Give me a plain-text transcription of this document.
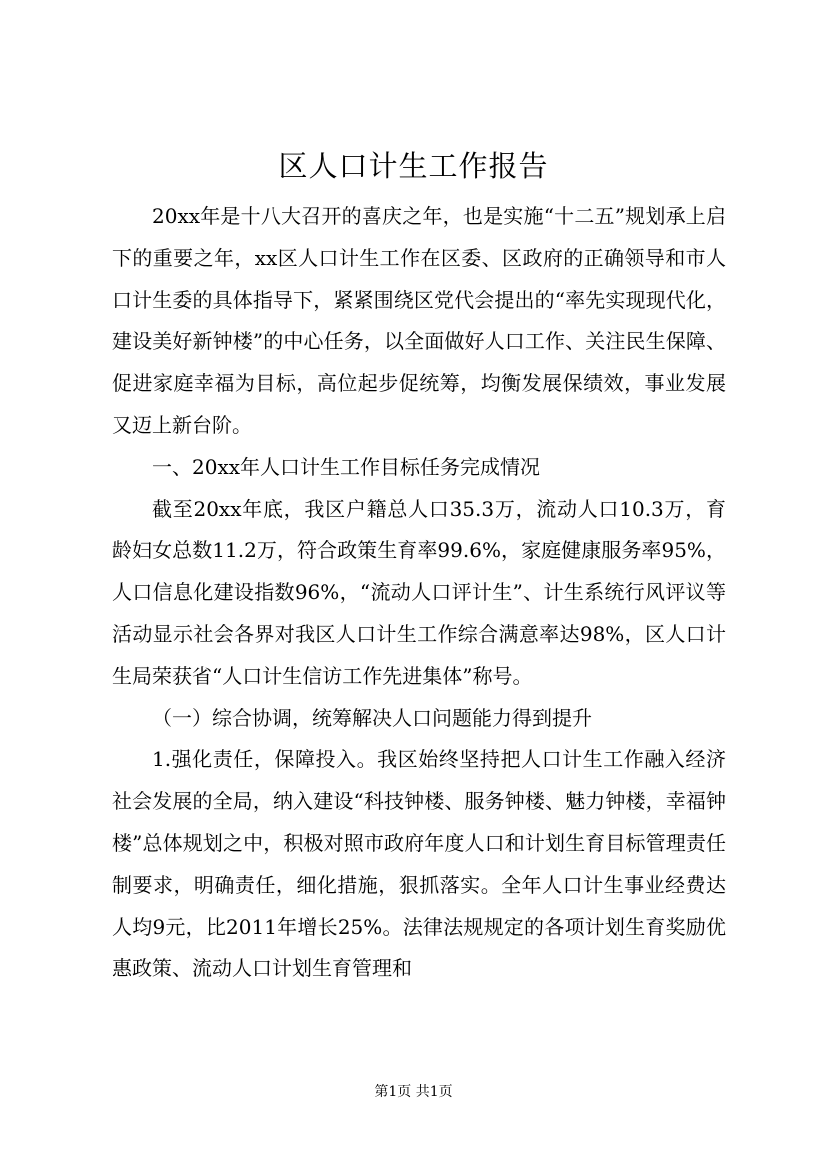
区人口计生工作报告

20xx年是十八大召开的喜庆之年，也是实施“十二五”规划承上启下的重要之年，xx区人口计生工作在区委、区政府的正确领导和市人口计生委的具体指导下，紧紧围绕区党代会提出的“率先实现现代化，建设美好新钟楼”的中心任务，以全面做好人口工作、关注民生保障、促进家庭幸福为目标，高位起步促统筹，均衡发展保绩效，事业发展又迈上新台阶。

一、20xx年人口计生工作目标任务完成情况

截至20xx年底，我区户籍总人口35.3万，流动人口10.3万，育龄妇女总数11.2万，符合政策生育率99.6%，家庭健康服务率95%，人口信息化建设指数96%，“流动人口评计生”、计生系统行风评议等活动显示社会各界对我区人口计生工作综合满意率达98%，区人口计生局荣获省“人口计生信访工作先进集体”称号。

（一）综合协调，统筹解决人口问题能力得到提升

1.强化责任，保障投入。我区始终坚持把人口计生工作融入经济社会发展的全局，纳入建设“科技钟楼、服务钟楼、魅力钟楼，幸福钟楼”总体规划之中，积极对照市政府年度人口和计划生育目标管理责任制要求，明确责任，细化措施，狠抓落实。全年人口计生事业经费达人均9元，比2011年增长25%。法律法规规定的各项计划生育奖励优惠政策、流动人口计划生育管理和

第1页 共1页
